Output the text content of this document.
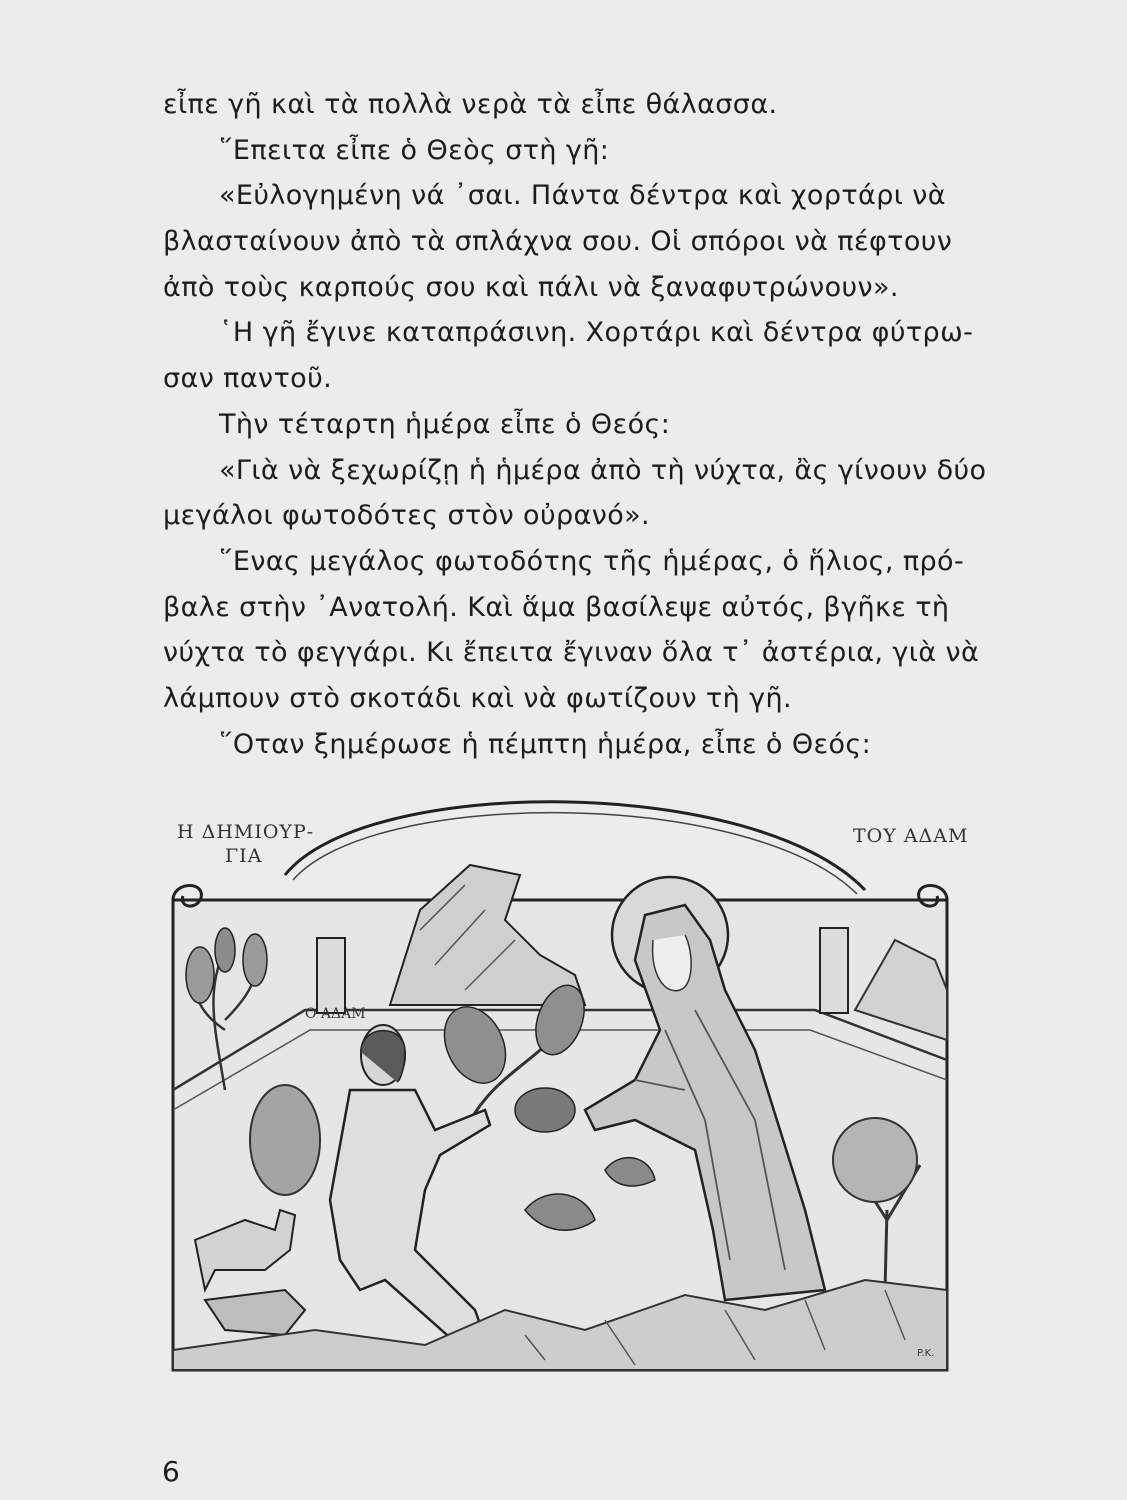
εἶπε γῆ καὶ τὰ πολλὰ νερὰ τὰ εἶπε θάλασσα.
῞Επειτα εἶπε ὁ Θεὸς στὴ γῆ:
«Εὐλογημένη νά ᾽σαι. Πάντα δέντρα καὶ χορτάρι νὰ
βλασταίνουν ἀπὸ τὰ σπλάχνα σου. Οἱ σπόροι νὰ πέφτουν
ἀπὸ τοὺς καρπούς σου καὶ πάλι νὰ ξαναφυτρώνουν».
῾Η γῆ ἔγινε καταπράσινη. Χορτάρι καὶ δέντρα φύτρω-
σαν παντοῦ.
Τὴν τέταρτη ἡμέρα εἶπε ὁ Θεός:
«Γιὰ νὰ ξεχωρίζῃ ἡ ἡμέρα ἀπὸ τὴ νύχτα, ἂς γίνουν δύο
μεγάλοι φωτοδότες στὸν οὐρανό».
῞Ενας μεγάλος φωτοδότης τῆς ἡμέρας, ὁ ἥλιος, πρό-
βαλε στὴν ᾽Ανατολή. Καὶ ἅμα βασίλεψε αὐτός, βγῆκε τὴ
νύχτα τὸ φεγγάρι. Κι ἔπειτα ἔγιναν ὅλα τ᾽ ἀστέρια, γιὰ νὰ
λάμπουν στὸ σκοτάδι καὶ νὰ φωτίζουν τὴ γῆ.
῞Οταν ξημέρωσε ἡ πέμπτη ἡμέρα, εἶπε ὁ Θεός:
Η ΔΗΜΙΟΥΡ-
ΓΙΑ
ΤΟΥ ΑΔΑΜ
Ο ΑΔΑΜ
P.K.
6
